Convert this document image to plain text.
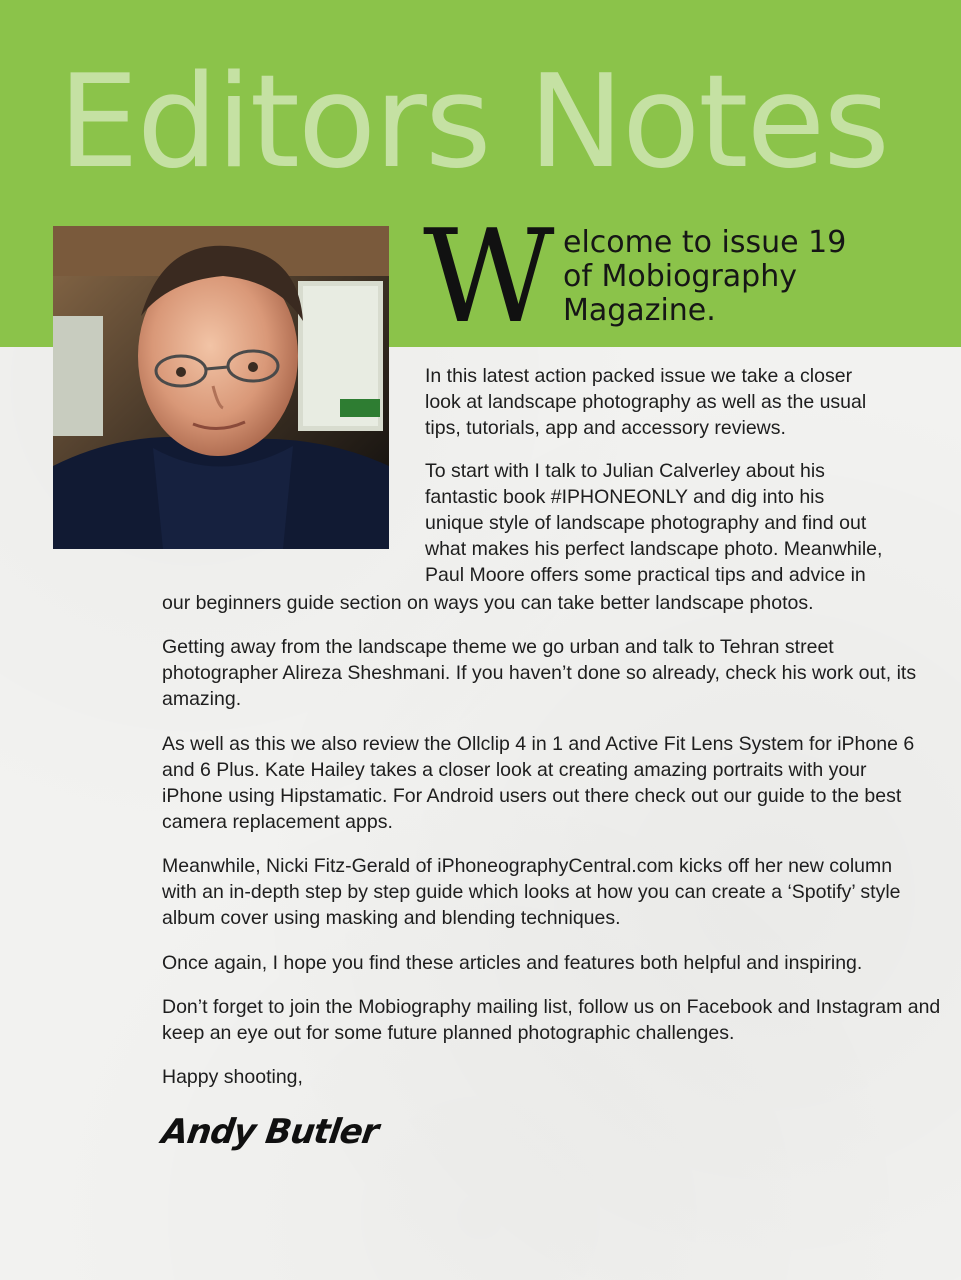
Editors Notes
W elcome to issue 19
of Mobiography
Magazine.

In this latest action packed issue we take a closer
look at landscape photography as well as the usual
tips, tutorials, app and accessory reviews.

To start with I talk to Julian Calverley about his
fantastic book #IPHONEONLY and dig into his
unique style of landscape photography and find out
what makes his perfect landscape photo. Meanwhile,
Paul Moore offers some practical tips and advice in

our beginners guide section on ways you can take better landscape photos.

Getting away from the landscape theme we go urban and talk to Tehran street photographer Alireza Sheshmani. If you haven’t done so already, check his work out, its amazing.

As well as this we also review the Ollclip 4 in 1 and Active Fit Lens System for iPhone 6 and 6 Plus. Kate Hailey takes a closer look at creating amazing portraits with your iPhone using Hipstamatic. For Android users out there check out our guide to the best camera replacement apps.

Meanwhile, Nicki Fitz-Gerald of iPhoneographyCentral.com kicks off her new column with an in-depth step by step guide which looks at how you can create a ‘Spotify’ style album cover using masking and blending techniques.

Once again, I hope you find these articles and features both helpful and inspiring.

Don’t forget to join the Mobiography mailing list, follow us on Facebook and Instagram and keep an eye out for some future planned photographic challenges.

Happy shooting,

Andy Butler
